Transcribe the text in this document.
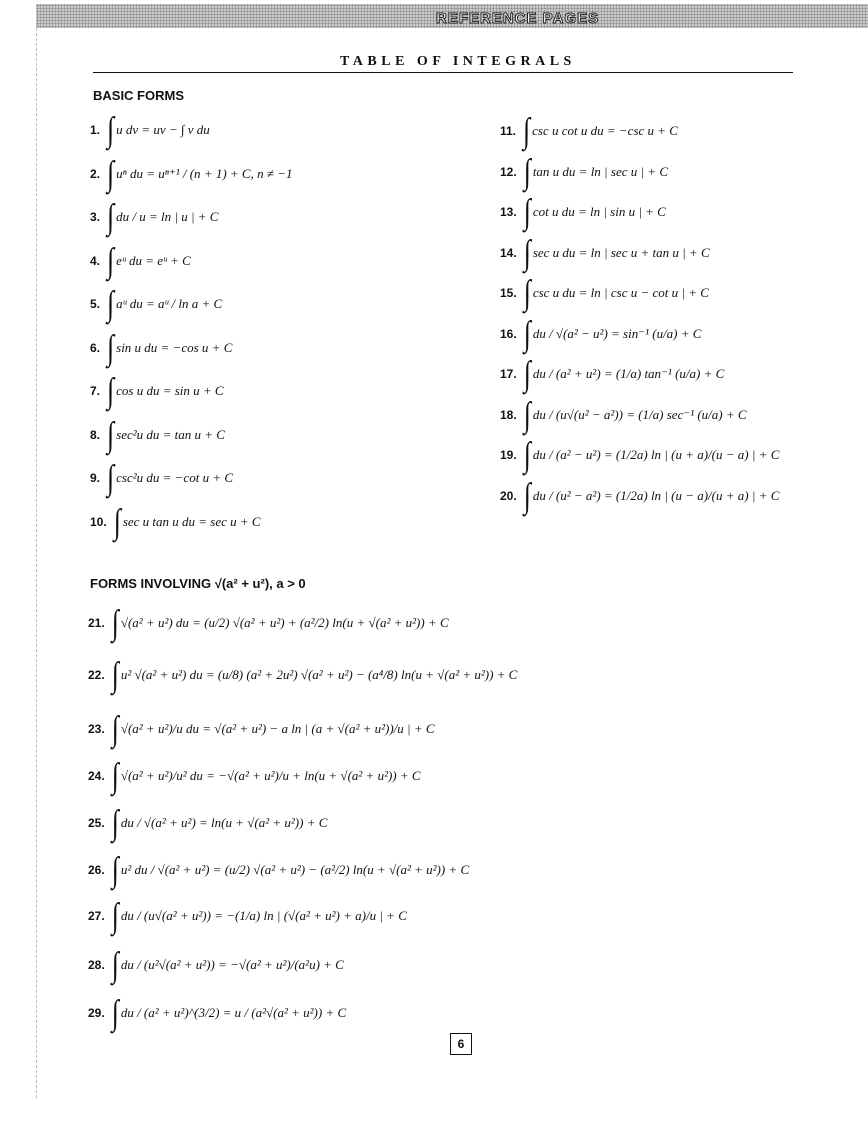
REFERENCE PAGES
TABLE OF INTEGRALS
BASIC FORMS
1. ∫ u dv = uv − ∫ v du
2. ∫ uⁿ du = uⁿ⁺¹ / (n + 1) + C, n ≠ −1
3. ∫ du / u = ln | u | + C
4. ∫ eᵘ du = eᵘ + C
5. ∫ aᵘ du = aᵘ / ln a + C
6. ∫ sin u du = −cos u + C
7. ∫ cos u du = sin u + C
8. ∫ sec²u du = tan u + C
9. ∫ csc²u du = −cot u + C
10. ∫ sec u tan u du = sec u + C
11. ∫ csc u cot u du = −csc u + C
12. ∫ tan u du = ln | sec u | + C
13. ∫ cot u du = ln | sin u | + C
14. ∫ sec u du = ln | sec u + tan u | + C
15. ∫ csc u du = ln | csc u − cot u | + C
16. ∫ du / √(a² − u²) = sin⁻¹ (u/a) + C
17. ∫ du / (a² + u²) = (1/a) tan⁻¹ (u/a) + C
18. ∫ du / (u√(u² − a²)) = (1/a) sec⁻¹ (u/a) + C
19. ∫ du / (a² − u²) = (1/2a) ln | (u + a)/(u − a) | + C
20. ∫ du / (u² − a²) = (1/2a) ln | (u − a)/(u + a) | + C
FORMS INVOLVING √(a² + u²), a > 0
21. ∫ √(a² + u²) du = (u/2) √(a² + u²) + (a²/2) ln(u + √(a² + u²)) + C
22. ∫ u² √(a² + u²) du = (u/8) (a² + 2u²) √(a² + u²) − (a⁴/8) ln(u + √(a² + u²)) + C
23. ∫ √(a² + u²)/u du = √(a² + u²) − a ln | (a + √(a² + u²))/u | + C
24. ∫ √(a² + u²)/u² du = −√(a² + u²)/u + ln(u + √(a² + u²)) + C
25. ∫ du / √(a² + u²) = ln(u + √(a² + u²)) + C
26. ∫ u² du / √(a² + u²) = (u/2) √(a² + u²) − (a²/2) ln(u + √(a² + u²)) + C
27. ∫ du / (u√(a² + u²)) = −(1/a) ln | (√(a² + u²) + a)/u | + C
28. ∫ du / (u²√(a² + u²)) = −√(a² + u²)/(a²u) + C
29. ∫ du / (a² + u²)^(3/2) = u / (a²√(a² + u²)) + C
6
